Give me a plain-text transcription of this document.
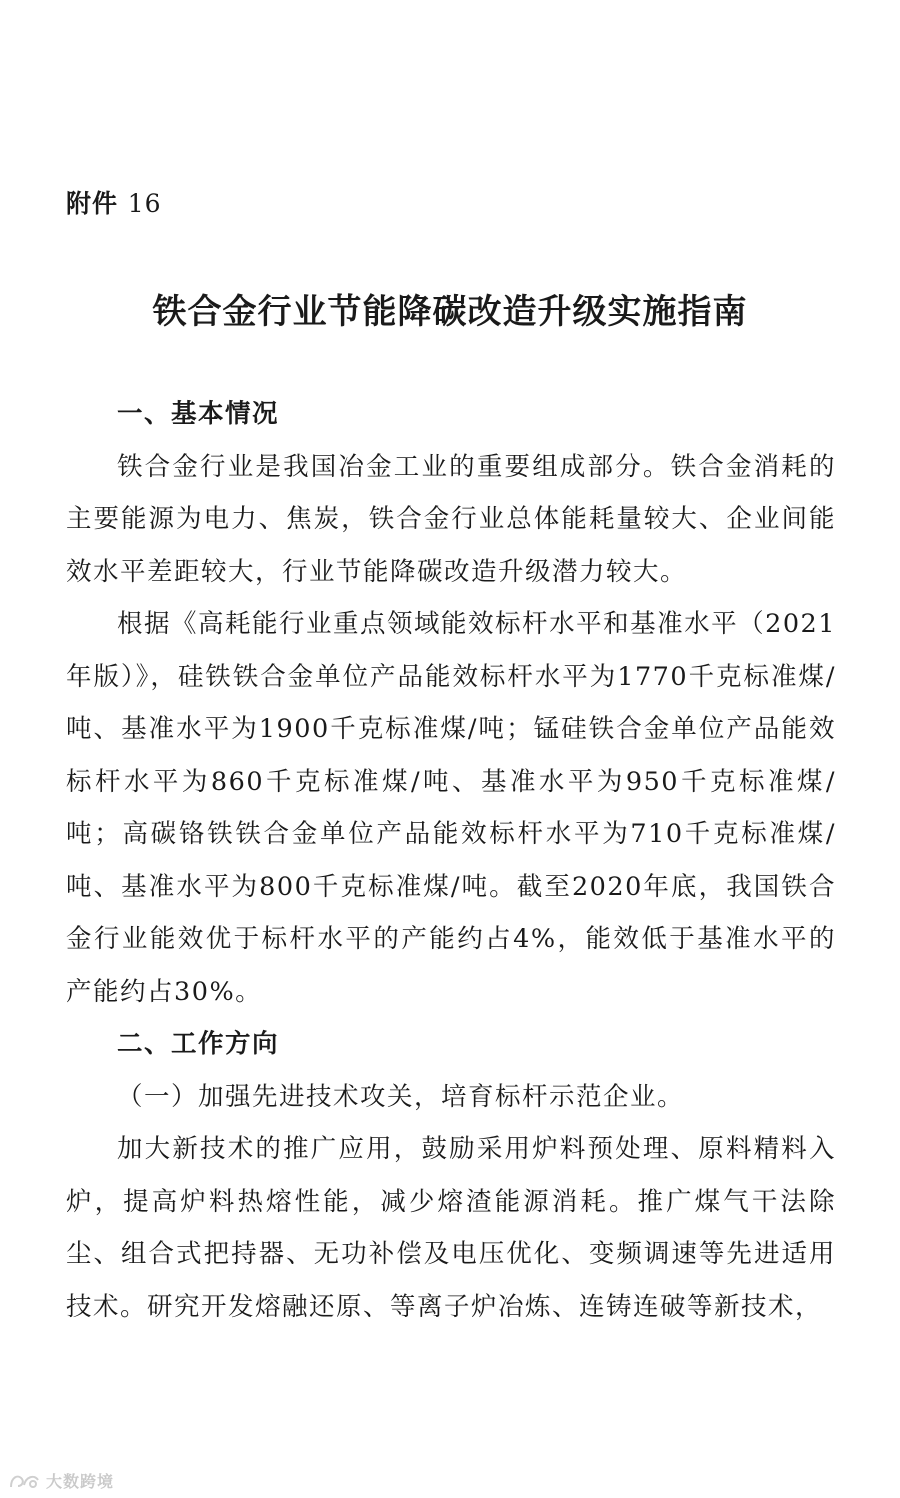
附件 16
铁合金行业节能降碳改造升级实施指南
一、基本情况

铁合金行业是我国冶金工业的重要组成部分。铁合金消耗的主要能源为电力、焦炭，铁合金行业总体能耗量较大、企业间能效水平差距较大，行业节能降碳改造升级潜力较大。

根据《高耗能行业重点领域能效标杆水平和基准水平（2021年版）》，硅铁铁合金单位产品能效标杆水平为1770千克标准煤/吨、基准水平为1900千克标准煤/吨；锰硅铁合金单位产品能效标杆水平为860千克标准煤/吨、基准水平为950千克标准煤/吨；高碳铬铁铁合金单位产品能效标杆水平为710千克标准煤/吨、基准水平为800千克标准煤/吨。截至2020年底，我国铁合金行业能效优于标杆水平的产能约占4%，能效低于基准水平的产能约占30%。

二、工作方向
（一）加强先进技术攻关，培育标杆示范企业。

加大新技术的推广应用，鼓励采用炉料预处理、原料精料入炉，提高炉料热熔性能，减少熔渣能源消耗。推广煤气干法除尘、组合式把持器、无功补偿及电压优化、变频调速等先进适用技术。研究开发熔融还原、等离子炉冶炼、连铸连破等新技术，

大数跨境
